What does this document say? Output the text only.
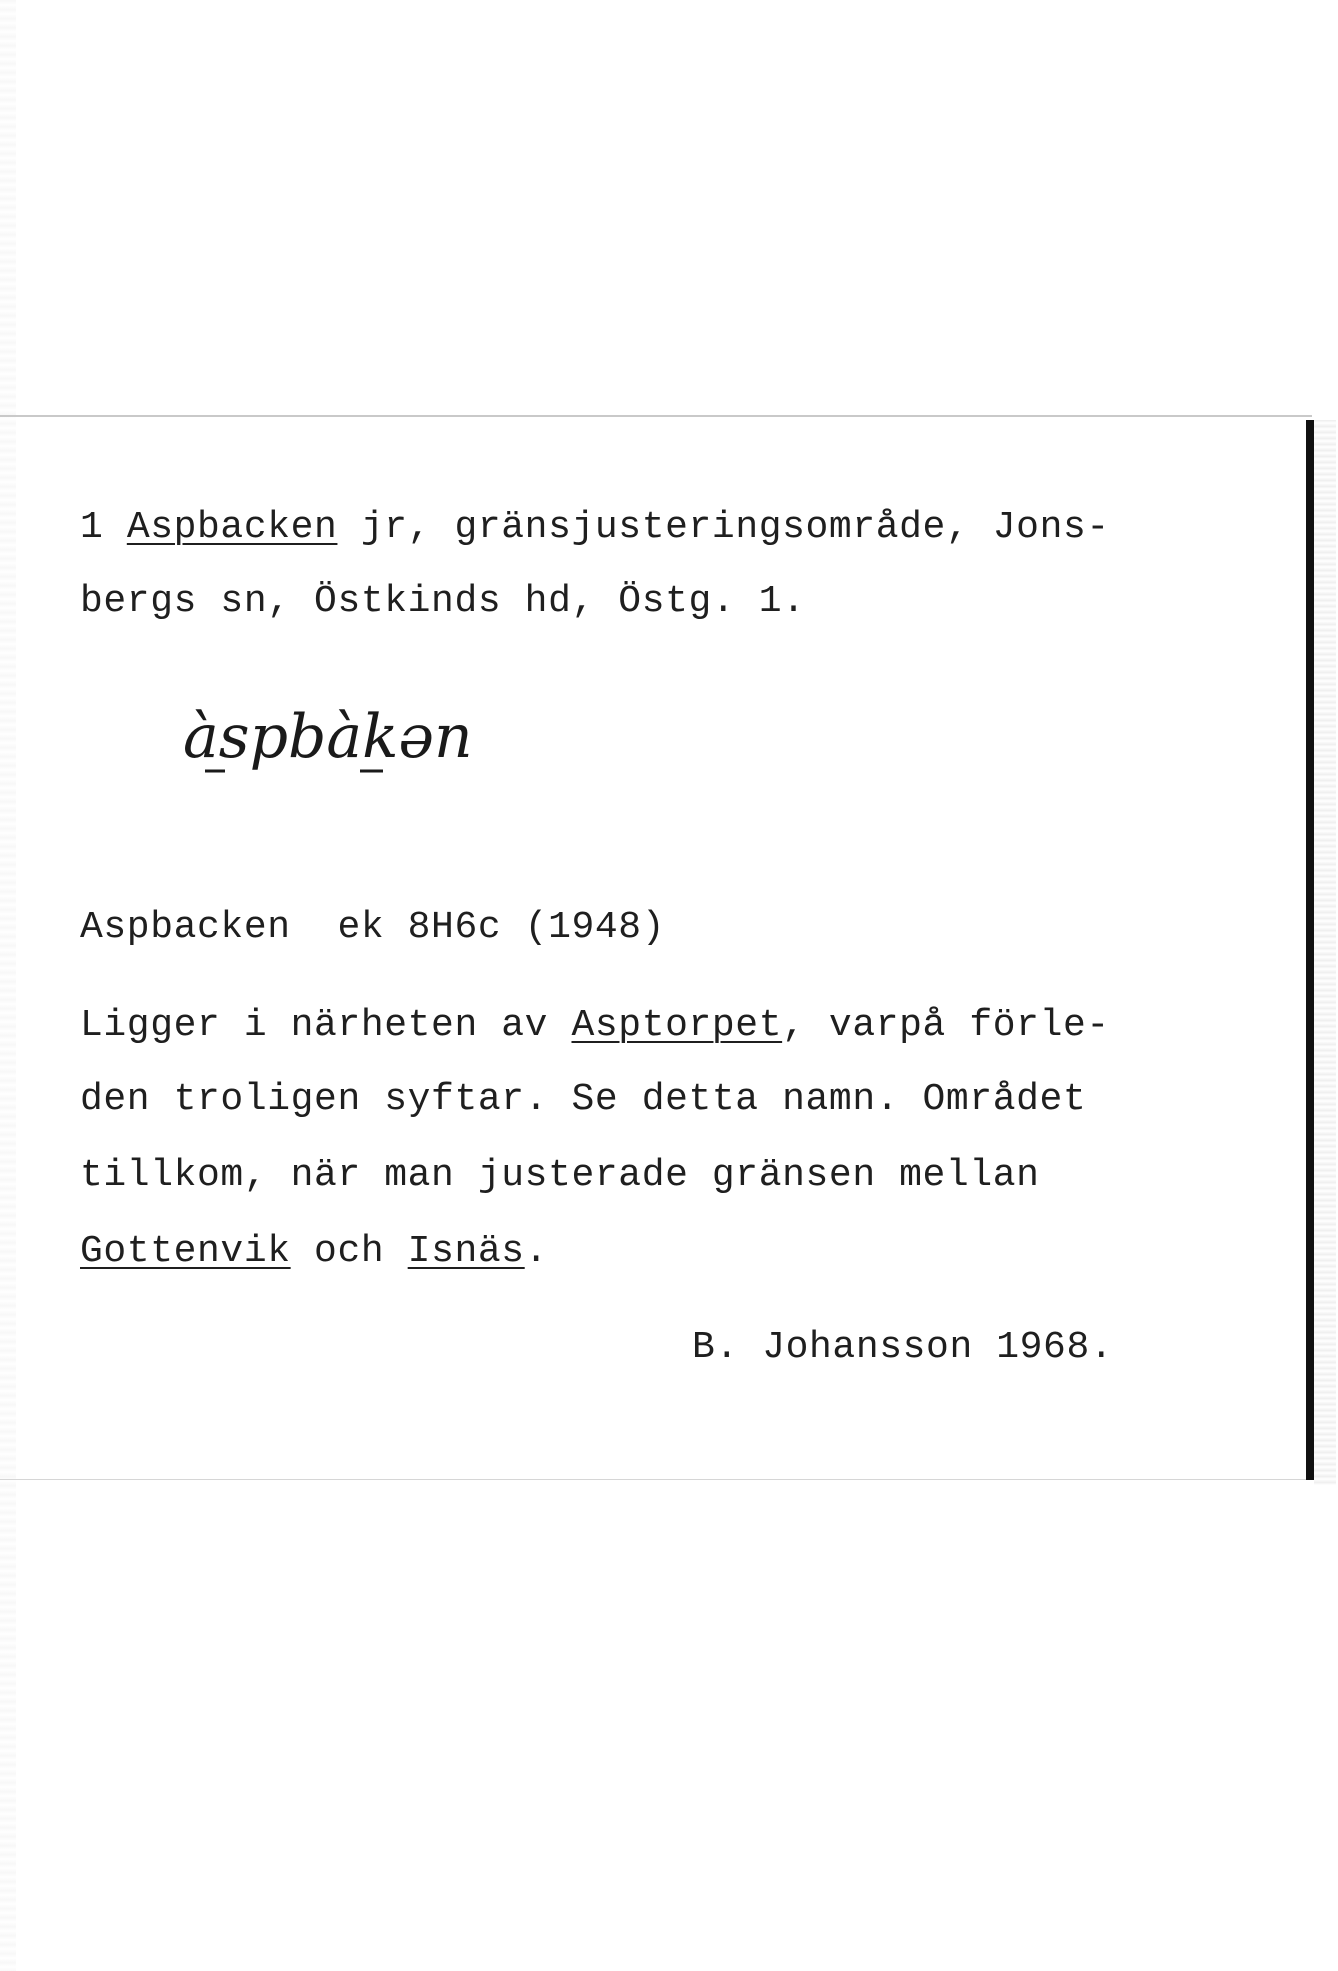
1 Aspbacken jr, gränsjusteringsområde, Jons-
bergs sn, Östkinds hd, Östg. 1.
àspbàkən
Aspbacken  ek 8H6c (1948)
Ligger i närheten av Asptorpet, varpå förle-
den troligen syftar. Se detta namn. Området
tillkom, när man justerade gränsen mellan
Gottenvik och Isnäs.
B. Johansson 1968.
